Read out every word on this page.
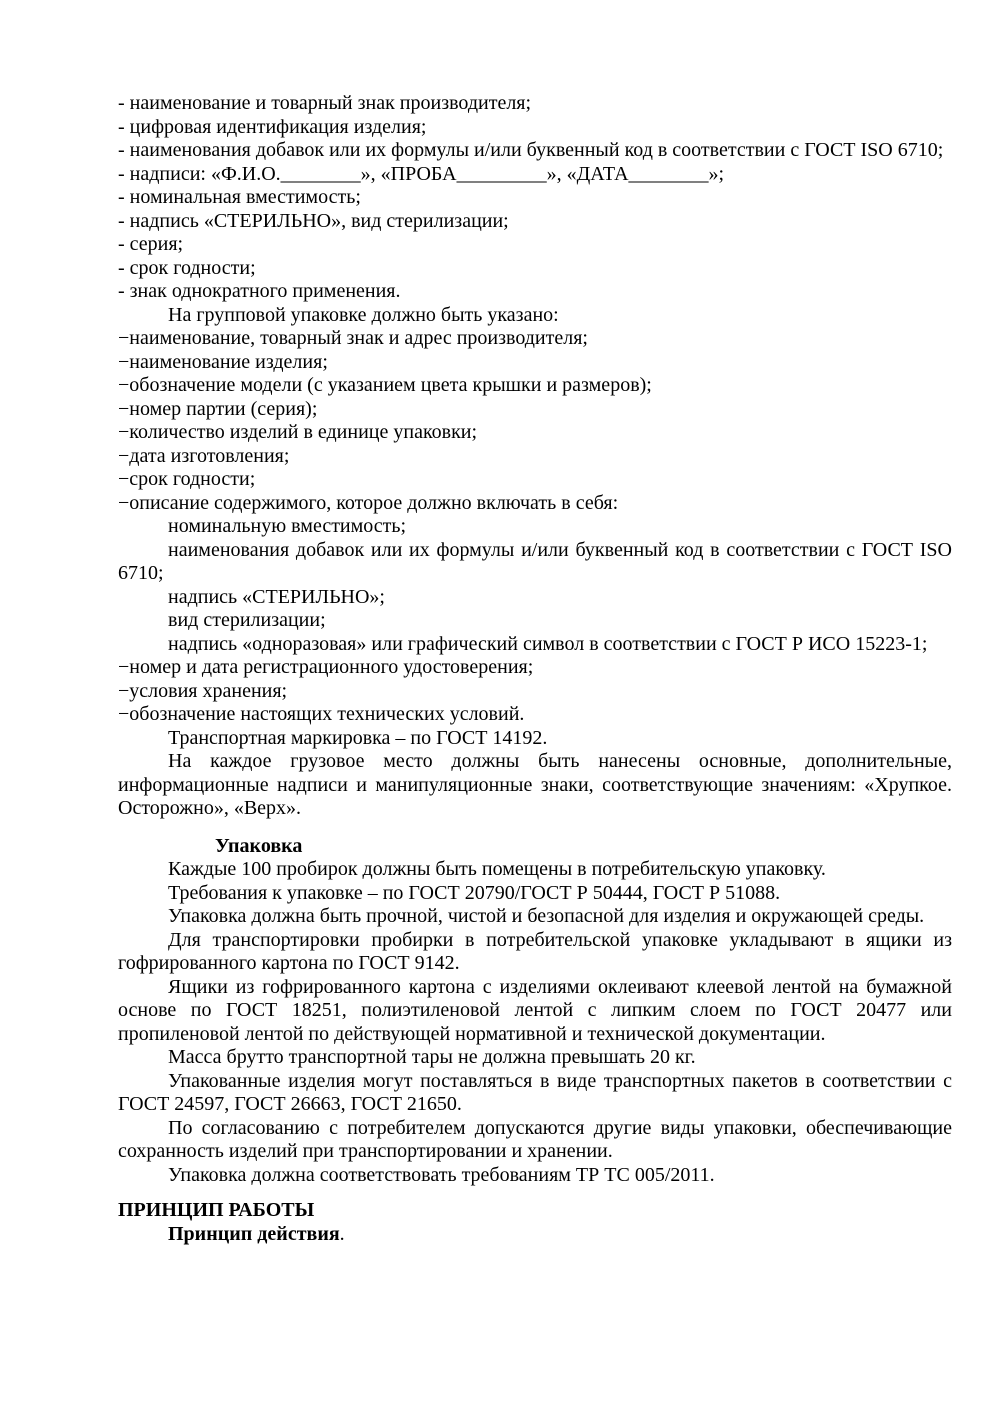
- наименование и товарный знак производителя;

- цифровая идентификация изделия;

- наименования добавок или их формулы и/или буквенный код в соответствии с ГОСТ ISO 6710;

- надписи: «Ф.И.О.________», «ПРОБА_________», «ДАТА________»;

- номинальная вместимость;

- надпись «СТЕРИЛЬНО», вид стерилизации;

- серия;

- срок годности;

- знак однократного применения.

На групповой упаковке должно быть указано:

−наименование, товарный знак и адрес производителя;

−наименование изделия;

−обозначение модели (с указанием цвета крышки и размеров);

−номер партии (серия);

−количество изделий в единице упаковки;

−дата изготовления;

−срок годности;

−описание содержимого, которое должно включать в себя:

номинальную вместимость;

наименования добавок или их формулы и/или буквенный код в соответствии с ГОСТ ISO 6710;

надпись «СТЕРИЛЬНО»;

вид стерилизации;

надпись «одноразовая» или графический символ в соответствии с ГОСТ Р ИСО 15223-1;

−номер и дата регистрационного удостоверения;

−условия хранения;

−обозначение настоящих технических условий.

Транспортная маркировка – по ГОСТ 14192.

На каждое грузовое место должны быть нанесены основные, дополнительные, информационные надписи и манипуляционные знаки, соответствующие значениям: «Хрупкое. Осторожно», «Верх».

Упаковка

Каждые 100 пробирок должны быть помещены в потребительскую упаковку.

Требования к упаковке – по ГОСТ 20790/ГОСТ Р 50444, ГОСТ Р 51088.

Упаковка должна быть прочной, чистой и безопасной для изделия и окружающей среды.

Для транспортировки пробирки в потребительской упаковке укладывают в ящики из гофрированного картона по ГОСТ 9142.

Ящики из гофрированного картона с изделиями оклеивают клеевой лентой на бумажной основе по ГОСТ 18251, полиэтиленовой лентой с липким слоем по ГОСТ 20477 или пропиленовой лентой по действующей нормативной и технической документации.

Масса брутто транспортной тары не должна превышать 20 кг.

Упакованные изделия могут поставляться в виде транспортных пакетов в соответствии с ГОСТ 24597, ГОСТ 26663, ГОСТ 21650.

По согласованию с потребителем допускаются другие виды упаковки, обеспечивающие сохранность изделий при транспортировании и хранении.

Упаковка должна соответствовать требованиям ТР ТС 005/2011.

ПРИНЦИП РАБОТЫ

Принцип действия.
